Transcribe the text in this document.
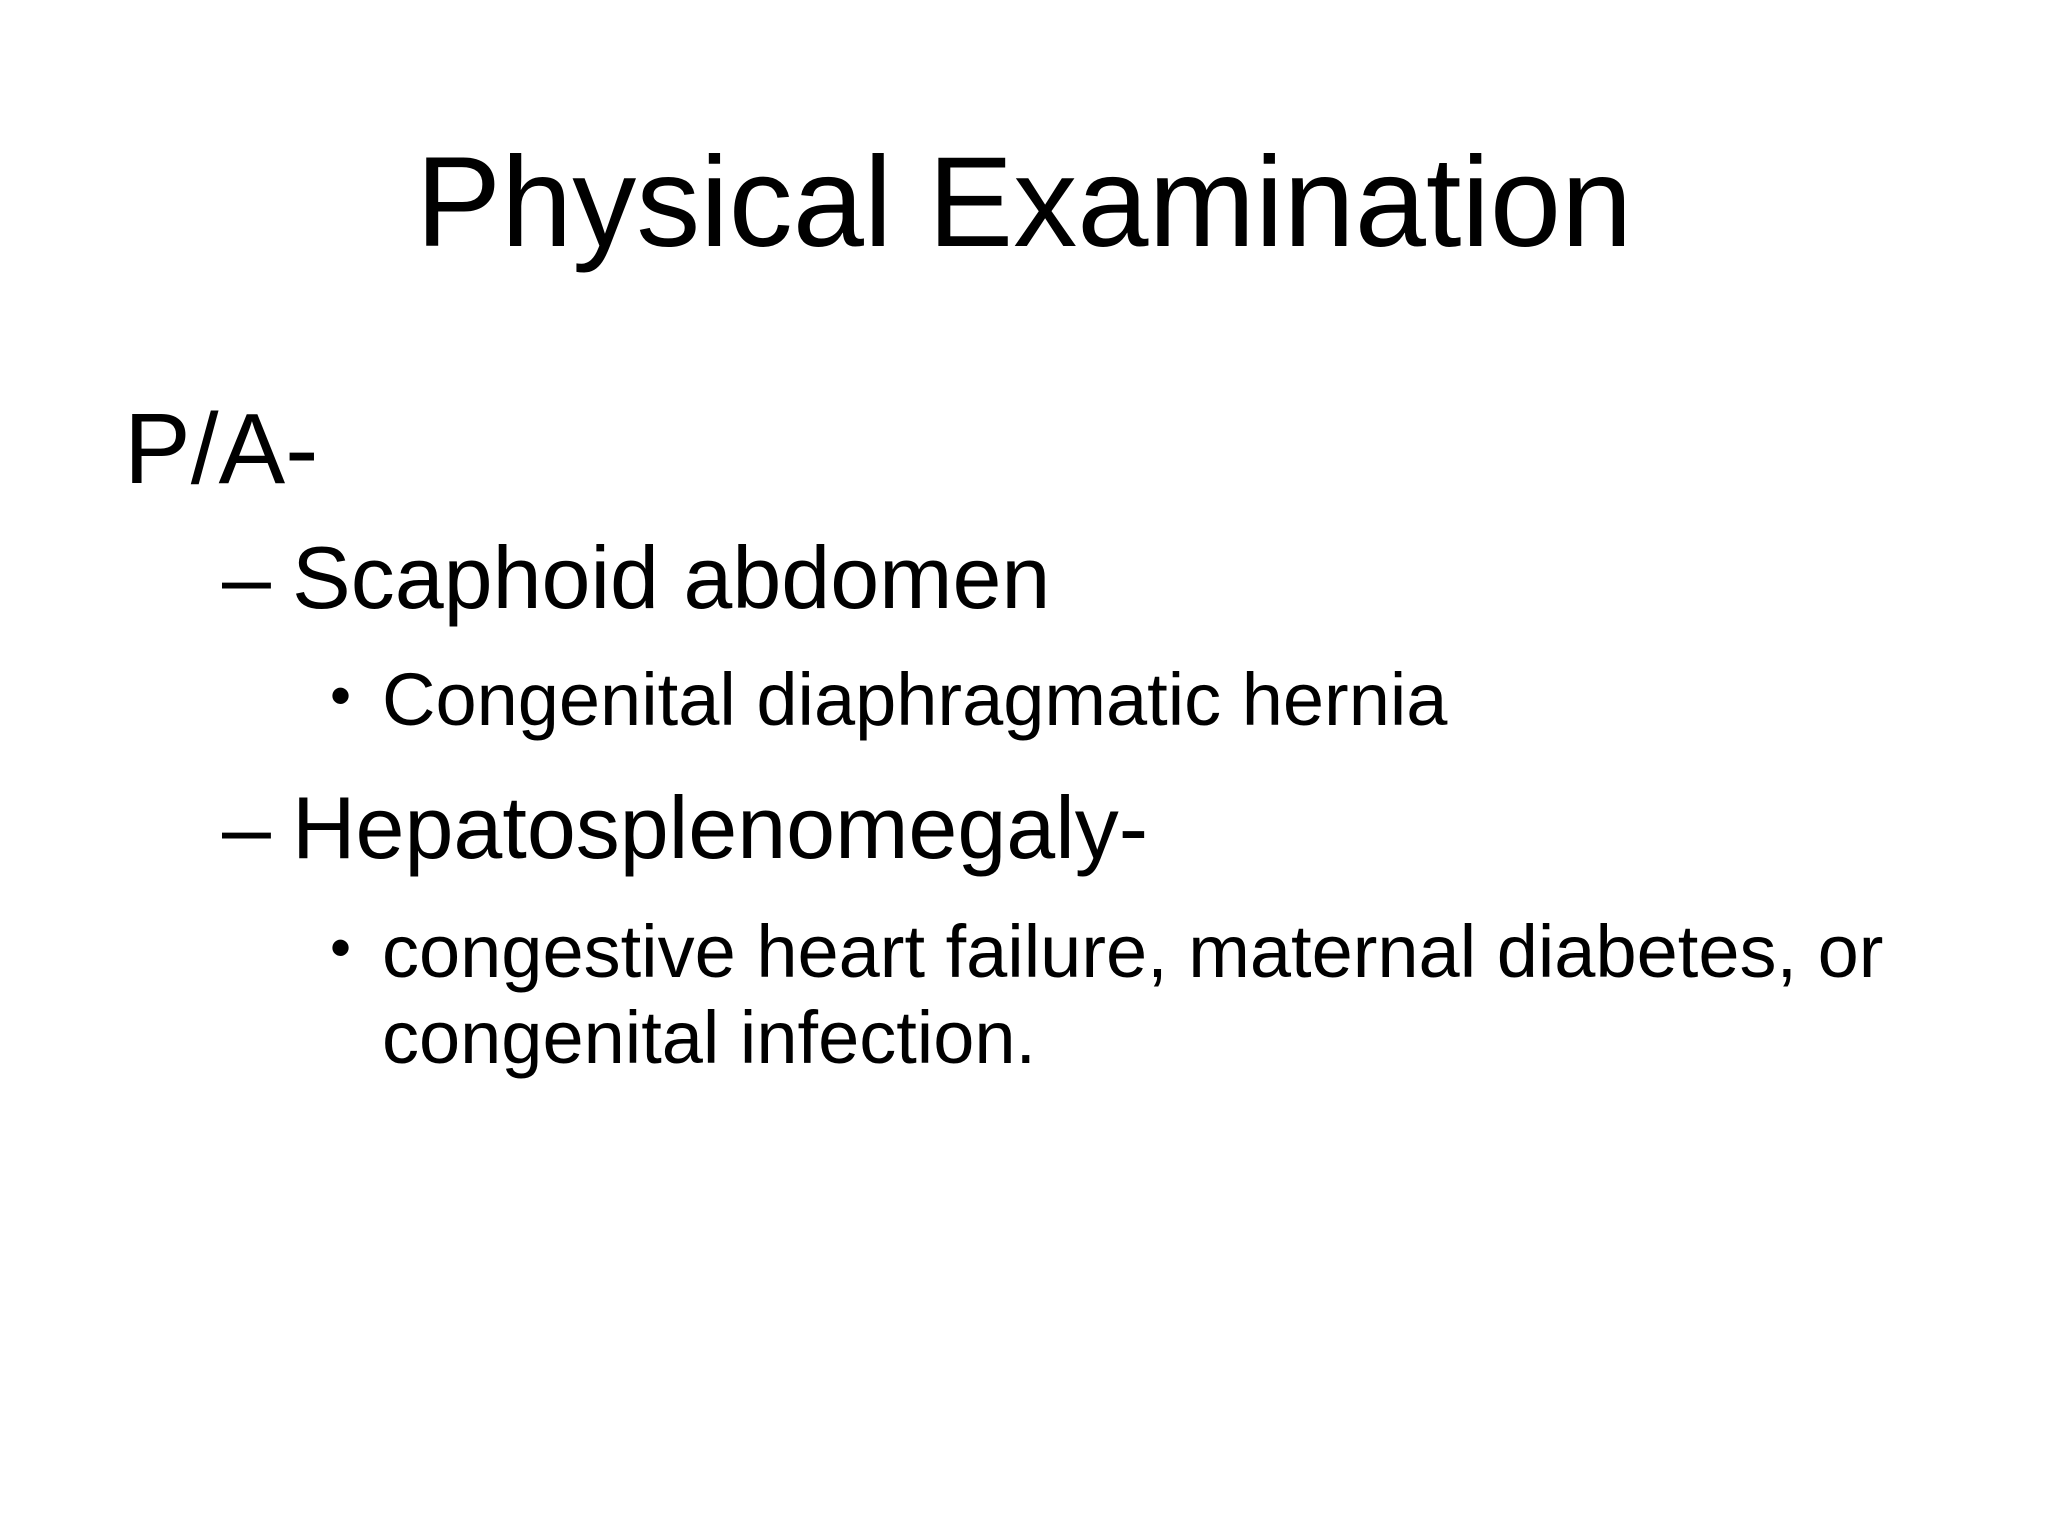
Physical Examination
P/A-
– Scaphoid abdomen
• Congenital diaphragmatic hernia
– Hepatosplenomegaly-
• congestive heart failure, maternal diabetes, or congenital infection.
